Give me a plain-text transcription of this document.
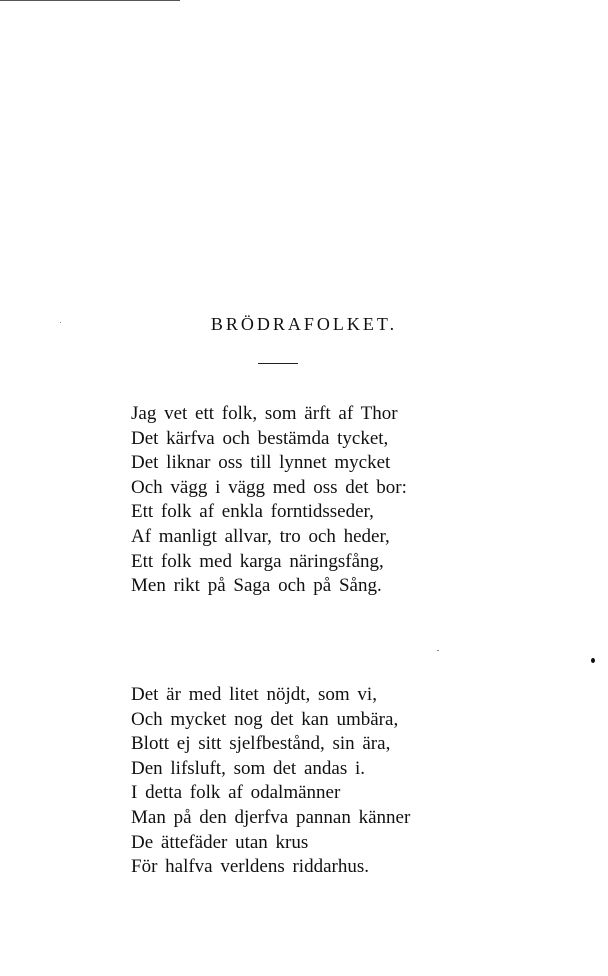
BRÖDRAFOLKET.
Jag vet ett folk, som ärft af Thor
Det kärfva och bestämda tycket,
Det liknar oss till lynnet mycket
Och vägg i vägg med oss det bor:
Ett folk af enkla forntidsseder,
Af manligt allvar, tro och heder,
Ett folk med karga näringsfång,
Men rikt på Saga och på Sång.
Det är med litet nöjdt, som vi,
Och mycket nog det kan umbära,
Blott ej sitt sjelfbestånd, sin ära,
Den lifsluft, som det andas i.
I detta folk af odalmänner
Man på den djerfva pannan känner
De ättefäder utan krus
För halfva verldens riddarhus.
